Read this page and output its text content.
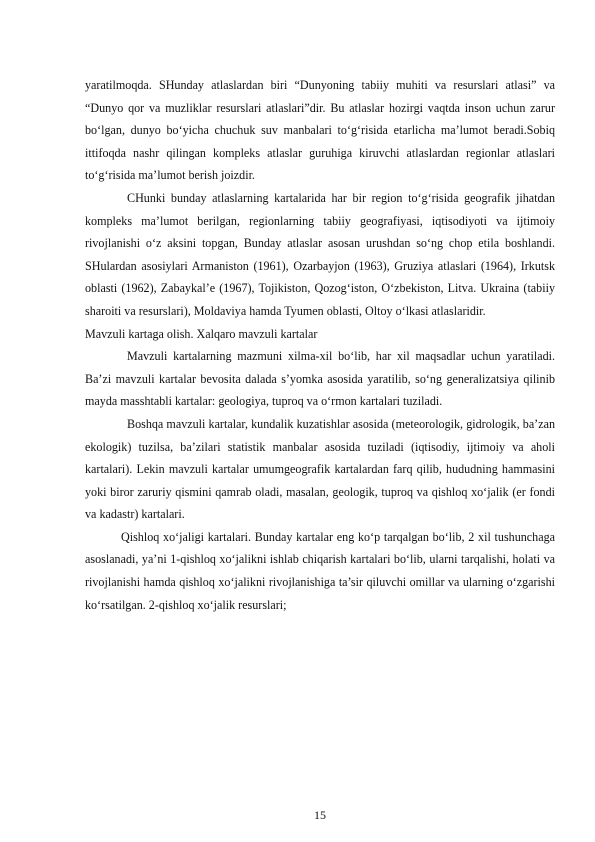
yaratilmoqda. SHunday atlaslardan biri “Dunyoning tabiiy muhiti va resurslari atlasi” va “Dunyo qor va muzliklar resurslari atlaslari”dir. Bu atlaslar hozirgi vaqtda inson uchun zarur bo‘lgan, dunyo bo‘yicha chuchuk suv manbalari to‘g‘risida etarlicha ma’lumot beradi.Sobiq ittifoqda nashr qilingan kompleks atlaslar guruhiga kiruvchi atlaslardan regionlar atlaslari to‘g‘risida ma’lumot berish joizdir.

CHunki bunday atlaslarning kartalarida har bir region to‘g‘risida geografik jihatdan kompleks ma’lumot berilgan, regionlarning tabiiy geografiyasi, iqtisodiyoti va ijtimoiy rivojlanishi o‘z aksini topgan, Bunday atlaslar asosan urushdan so‘ng chop etila boshlandi. SHulardan asosiylari Armaniston (1961), Ozarbayjon (1963), Gruziya atlaslari (1964), Irkutsk oblasti (1962), Zabaykal’e (1967), Tojikiston, Qozog‘iston, O‘zbekiston, Litva. Ukraina (tabiiy sharoiti va resurslari), Moldaviya hamda Tyumen oblasti, Oltoy o‘lkasi atlaslaridir.

Mavzuli kartaga olish. Xalqaro mavzuli kartalar

Mavzuli kartalarning mazmuni xilma-xil bo‘lib, har xil maqsadlar uchun yaratiladi. Ba’zi mavzuli kartalar bevosita dalada s’yomka asosida yaratilib, so‘ng generalizatsiya qilinib mayda masshtabli kartalar: geologiya, tuproq va o‘rmon kartalari tuziladi.

Boshqa mavzuli kartalar, kundalik kuzatishlar asosida (meteorologik, gidrologik, ba’zan ekologik) tuzilsa, ba’zilari statistik manbalar asosida tuziladi (iqtisodiy, ijtimoiy va aholi kartalari). Lekin mavzuli kartalar umumgeografik kartalardan farq qilib, hududning hammasini yoki biror zaruriy qismini qamrab oladi, masalan, geologik, tuproq va qishloq xo‘jalik (er fondi va kadastr) kartalari.

Qishloq xo‘jaligi kartalari. Bunday kartalar eng ko‘p tarqalgan bo‘lib, 2 xil tushunchaga asoslanadi, ya’ni 1-qishloq xo‘jalikni ishlab chiqarish kartalari bo‘lib, ularni tarqalishi, holati va rivojlanishi hamda qishloq xo‘jalikni rivojlanishiga ta’sir qiluvchi omillar va ularning o‘zgarishi ko‘rsatilgan. 2-qishloq xo‘jalik resurslari;

15
